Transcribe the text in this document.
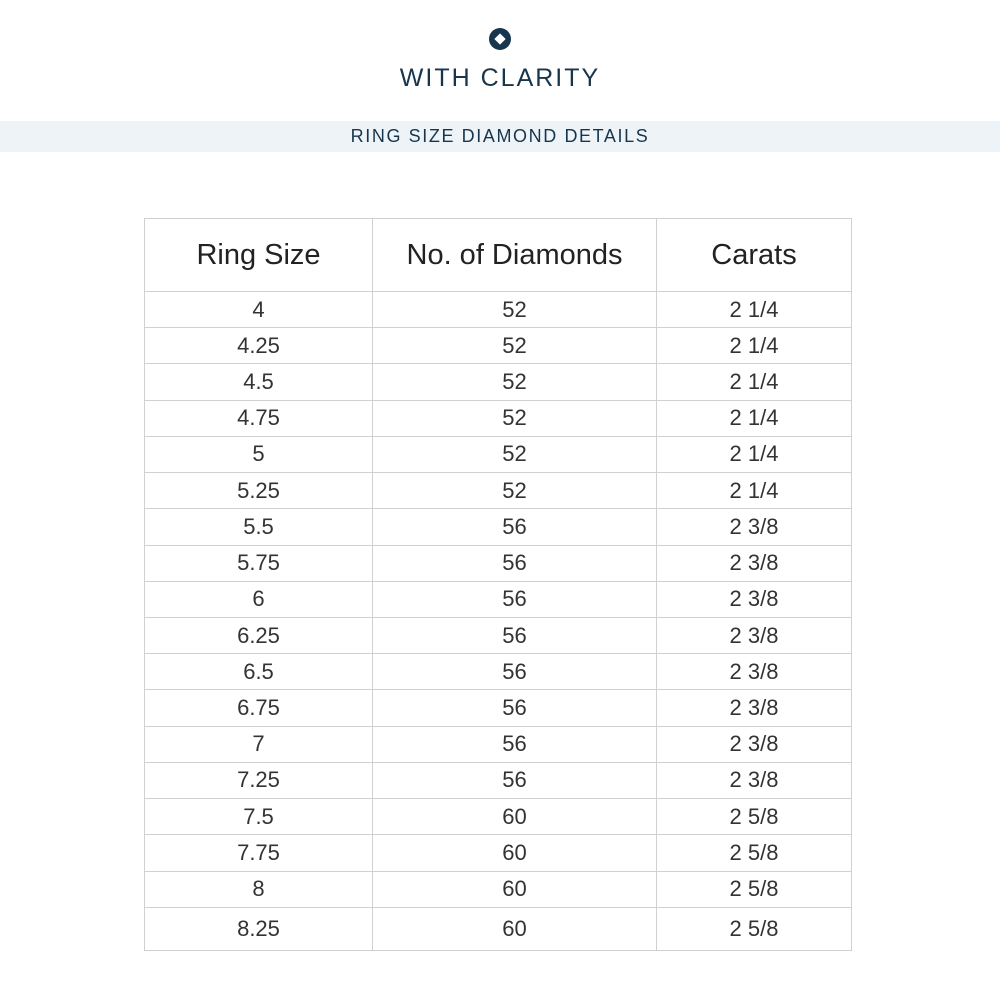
WITH CLARITY
RING SIZE DIAMOND DETAILS
Ring Size	No. of Diamonds	Carats
4	52	2 1/4
4.25	52	2 1/4
4.5	52	2 1/4
4.75	52	2 1/4
5	52	2 1/4
5.25	52	2 1/4
5.5	56	2 3/8
5.75	56	2 3/8
6	56	2 3/8
6.25	56	2 3/8
6.5	56	2 3/8
6.75	56	2 3/8
7	56	2 3/8
7.25	56	2 3/8
7.5	60	2 5/8
7.75	60	2 5/8
8	60	2 5/8
8.25	60	2 5/8
